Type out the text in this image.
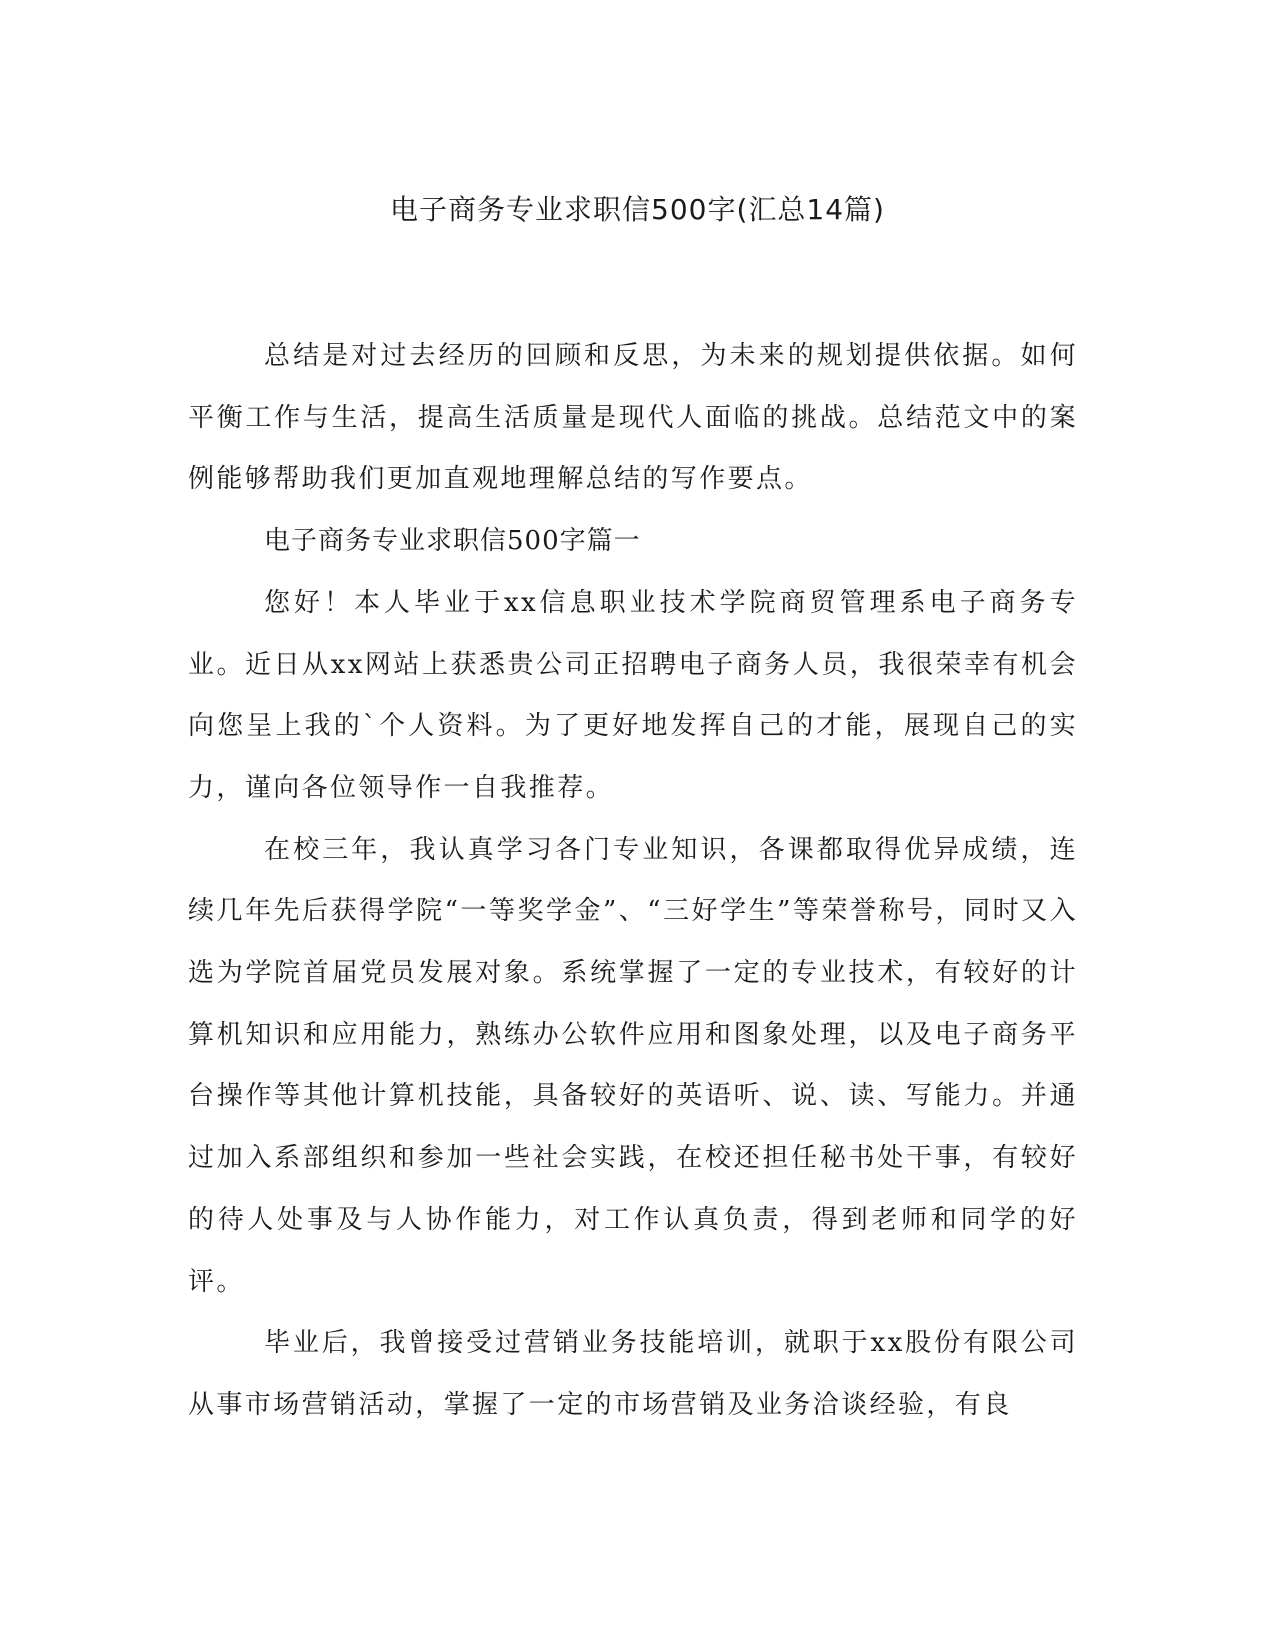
电子商务专业求职信500字(汇总14篇)

总结是对过去经历的回顾和反思，为未来的规划提供依据。如何平衡工作与生活，提高生活质量是现代人面临的挑战。总结范文中的案例能够帮助我们更加直观地理解总结的写作要点。

电子商务专业求职信500字篇一

您好！本人毕业于xx信息职业技术学院商贸管理系电子商务专业。近日从xx网站上获悉贵公司正招聘电子商务人员，我很荣幸有机会向您呈上我的`个人资料。为了更好地发挥自己的才能，展现自己的实力，谨向各位领导作一自我推荐。

在校三年，我认真学习各门专业知识，各课都取得优异成绩，连续几年先后获得学院“一等奖学金”、“三好学生”等荣誉称号，同时又入选为学院首届党员发展对象。系统掌握了一定的专业技术，有较好的计算机知识和应用能力，熟练办公软件应用和图象处理，以及电子商务平台操作等其他计算机技能，具备较好的英语听、说、读、写能力。并通过加入系部组织和参加一些社会实践，在校还担任秘书处干事，有较好的待人处事及与人协作能力，对工作认真负责，得到老师和同学的好评。

毕业后，我曾接受过营销业务技能培训，就职于xx股份有限公司从事市场营销活动，掌握了一定的市场营销及业务洽谈经验，有良
